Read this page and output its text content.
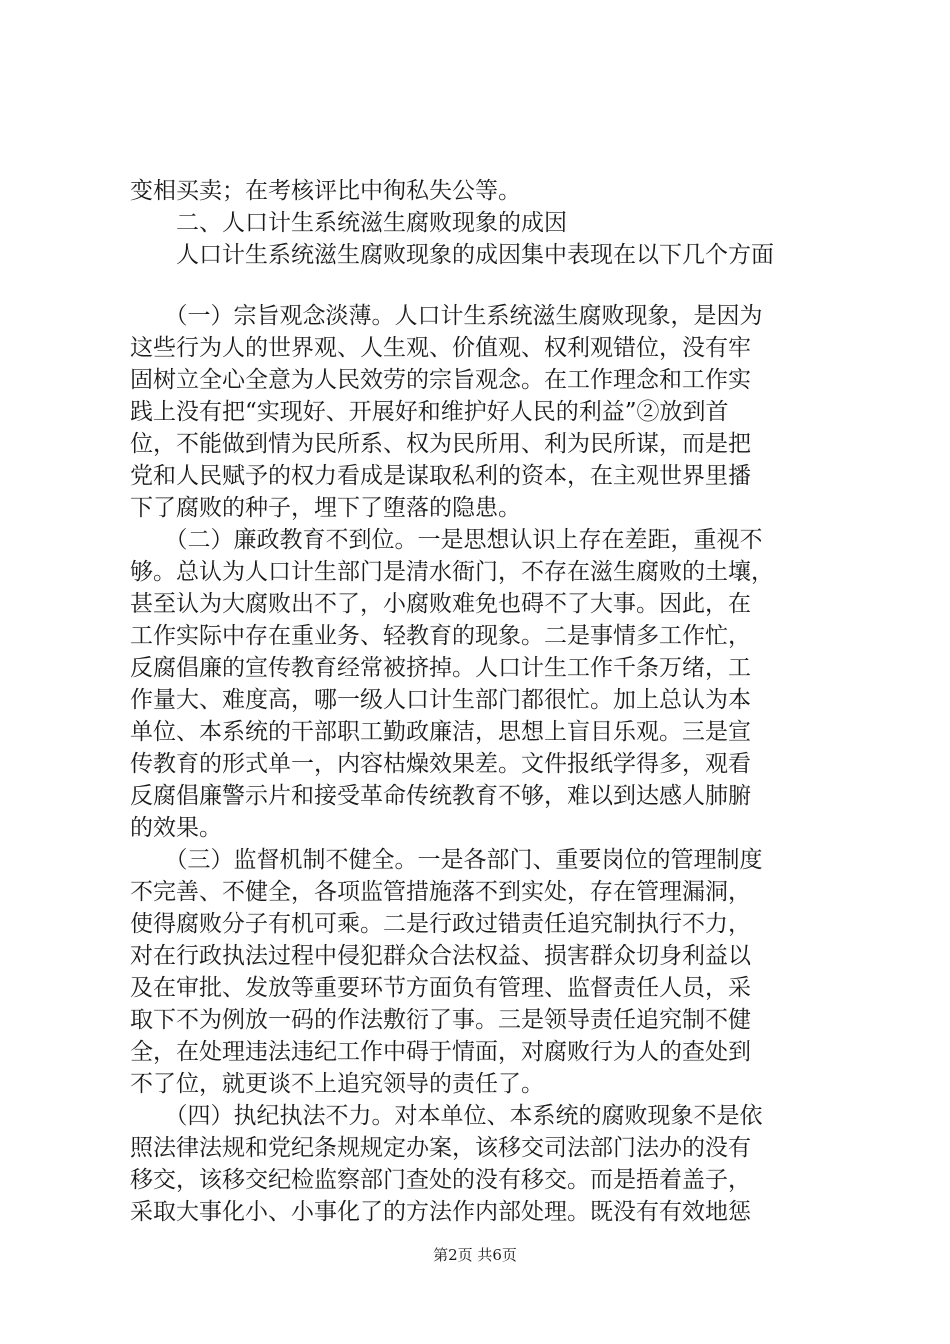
变相买卖；在考核评比中徇私失公等。
　　二、人口计生系统滋生腐败现象的成因
　　人口计生系统滋生腐败现象的成因集中表现在以下几个方面
　　（一）宗旨观念淡薄。人口计生系统滋生腐败现象，是因为
这些行为人的世界观、人生观、价值观、权利观错位，没有牢
固树立全心全意为人民效劳的宗旨观念。在工作理念和工作实
践上没有把“实现好、开展好和维护好人民的利益”②放到首
位，不能做到情为民所系、权为民所用、利为民所谋，而是把
党和人民赋予的权力看成是谋取私利的资本，在主观世界里播
下了腐败的种子，埋下了堕落的隐患。
　　（二）廉政教育不到位。一是思想认识上存在差距，重视不
够。总认为人口计生部门是清水衙门，不存在滋生腐败的土壤，
甚至认为大腐败出不了，小腐败难免也碍不了大事。因此，在
工作实际中存在重业务、轻教育的现象。二是事情多工作忙，
反腐倡廉的宣传教育经常被挤掉。人口计生工作千条万绪，工
作量大、难度高，哪一级人口计生部门都很忙。加上总认为本
单位、本系统的干部职工勤政廉洁，思想上盲目乐观。三是宣
传教育的形式单一，内容枯燥效果差。文件报纸学得多，观看
反腐倡廉警示片和接受革命传统教育不够，难以到达感人肺腑
的效果。
　　（三）监督机制不健全。一是各部门、重要岗位的管理制度
不完善、不健全，各项监管措施落不到实处，存在管理漏洞，
使得腐败分子有机可乘。二是行政过错责任追究制执行不力，
对在行政执法过程中侵犯群众合法权益、损害群众切身利益以
及在审批、发放等重要环节方面负有管理、监督责任人员，采
取下不为例放一码的作法敷衍了事。三是领导责任追究制不健
全，在处理违法违纪工作中碍于情面，对腐败行为人的查处到
不了位，就更谈不上追究领导的责任了。
　　（四）执纪执法不力。对本单位、本系统的腐败现象不是依
照法律法规和党纪条规规定办案，该移交司法部门法办的没有
移交，该移交纪检监察部门查处的没有移交。而是捂着盖子，
采取大事化小、小事化了的方法作内部处理。既没有有效地惩
第2页 共6页
